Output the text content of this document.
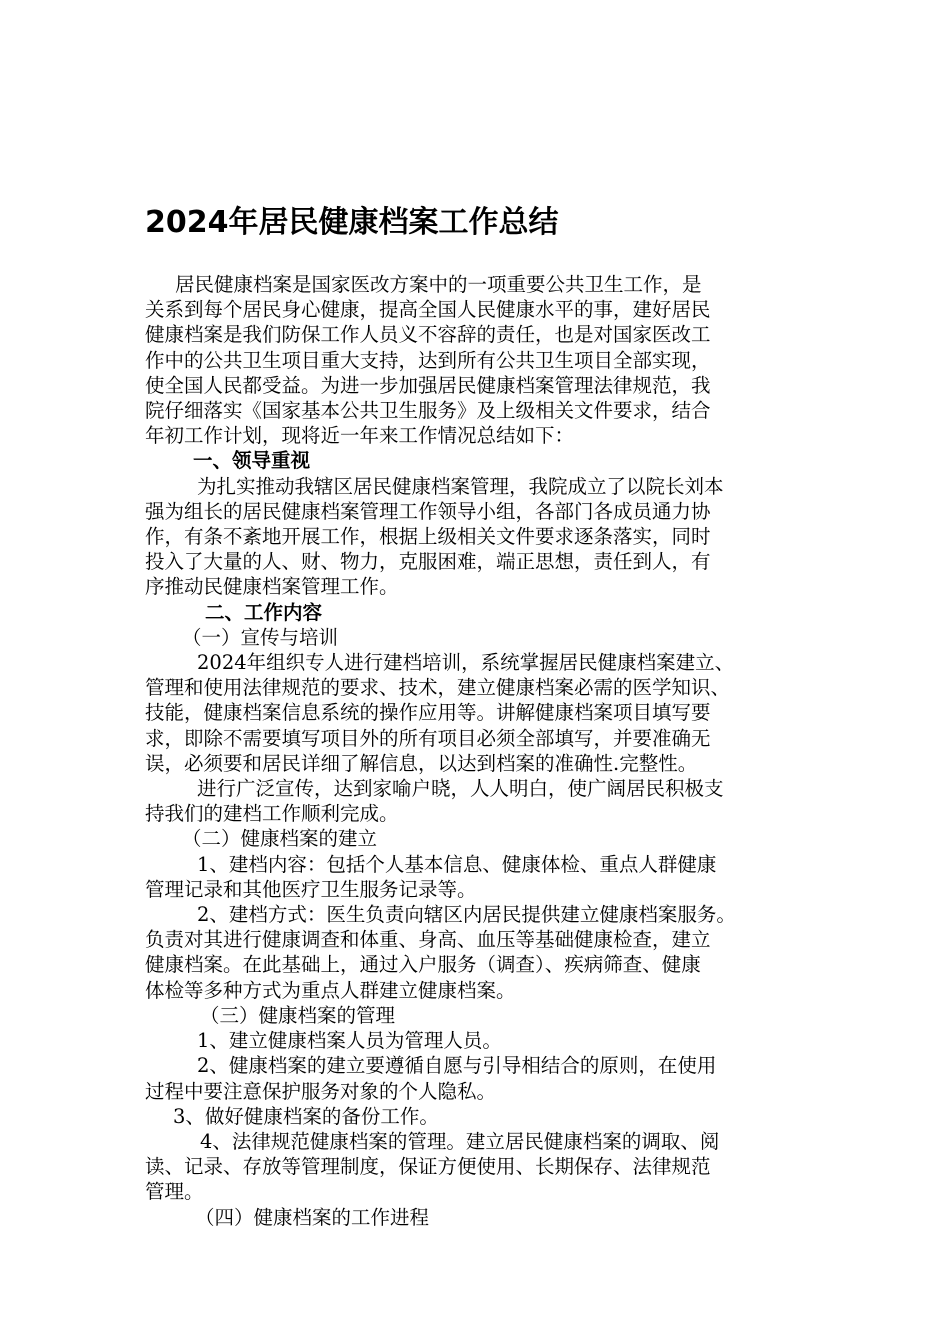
2024年居民健康档案工作总结

居民健康档案是国家医改方案中的一项重要公共卫生工作，是

关系到每个居民身心健康，提高全国人民健康水平的事，建好居民

健康档案是我们防保工作人员义不容辞的责任，也是对国家医改工

作中的公共卫生项目重大支持，达到所有公共卫生项目全部实现，

使全国人民都受益。为进一步加强居民健康档案管理法律规范，我

院仔细落实《国家基本公共卫生服务》及上级相关文件要求，结合

年初工作计划，现将近一年来工作情况总结如下：

一、领导重视

为扎实推动我辖区居民健康档案管理，我院成立了以院长刘本

强为组长的居民健康档案管理工作领导小组，各部门各成员通力协

作，有条不紊地开展工作，根据上级相关文件要求逐条落实，同时

投入了大量的人、财、物力，克服困难，端正思想，责任到人，有

序推动民健康档案管理工作。

二、工作内容

（一）宣传与培训

2024年组织专人进行建档培训，系统掌握居民健康档案建立、

管理和使用法律规范的要求、技术，建立健康档案必需的医学知识、

技能，健康档案信息系统的操作应用等。讲解健康档案项目填写要

求，即除不需要填写项目外的所有项目必须全部填写，并要准确无

误，必须要和居民详细了解信息，以达到档案的准确性.完整性。

进行广泛宣传，达到家喻户晓，人人明白，使广阔居民积极支

持我们的建档工作顺利完成。

（二）健康档案的建立

1、建档内容：包括个人基本信息、健康体检、重点人群健康

管理记录和其他医疗卫生服务记录等。

2、建档方式：医生负责向辖区内居民提供建立健康档案服务。

负责对其进行健康调查和体重、身高、血压等基础健康检查，建立

健康档案。在此基础上，通过入户服务（调查）、疾病筛查、健康

体检等多种方式为重点人群建立健康档案。

（三）健康档案的管理

1、建立健康档案人员为管理人员。

2、健康档案的建立要遵循自愿与引导相结合的原则，在使用

过程中要注意保护服务对象的个人隐私。

3、做好健康档案的备份工作。

4、法律规范健康档案的管理。建立居民健康档案的调取、阅

读、记录、存放等管理制度，保证方便使用、长期保存、法律规范

管理。

（四）健康档案的工作进程
